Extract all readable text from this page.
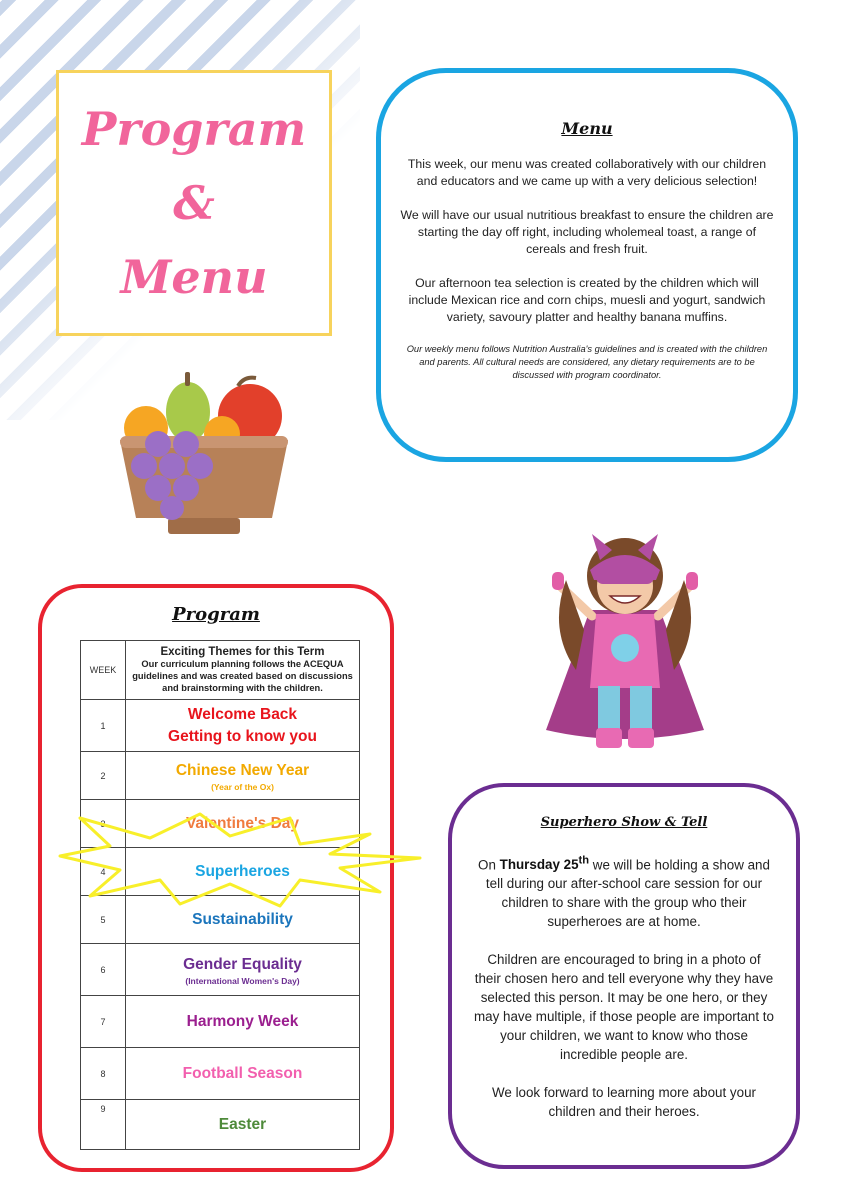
Program
&
Menu
Menu

This week, our menu was created collaboratively with our children and educators and we came up with a very delicious selection!

We will have our usual nutritious breakfast to ensure the children are starting the day off right, including wholemeal toast, a range of cereals and fresh fruit.

Our afternoon tea selection is created by the children which will include Mexican rice and corn chips, muesli and yogurt, sandwich variety, savoury platter and healthy banana muffins.

Our weekly menu follows Nutrition Australia's guidelines and is created with the children and parents. All cultural needs are considered, any dietary requirements are to be discussed with program coordinator.

Program
WEEK	Exciting Themes for this Term
Our curriculum planning follows the ACEQUA guidelines and was created based on discussions and brainstorming with the children.

1	Welcome Back
Getting to know you
2	Chinese New Year
(Year of the Ox)

3	Valentine's Day
4	Superheroes
5	Sustainability
6	Gender Equality
(International Women's Day)

7	Harmony Week
8	Football Season
9	Easter
Superhero Show & Tell

On Thursday 25th we will be holding a show and tell during our after-school care session for our children to share with the group who their superheroes are at home.

Children are encouraged to bring in a photo of their chosen hero and tell everyone why they have selected this person. It may be one hero, or they may have multiple, if those people are important to your children, we want to know who those incredible people are.

We look forward to learning more about your children and their heroes.
